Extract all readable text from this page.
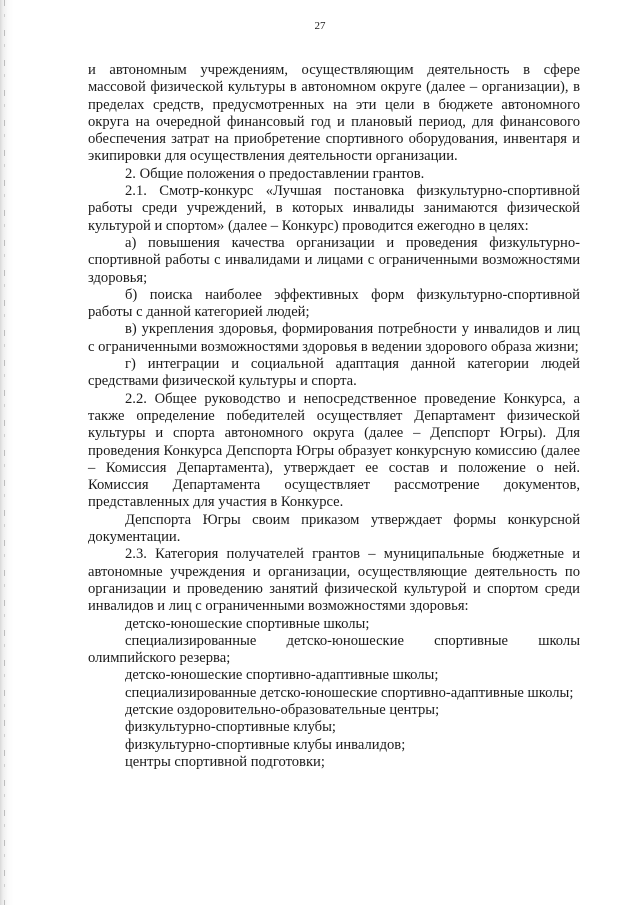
27

и автономным учреждениям, осуществляющим деятельность в сфере массовой физической культуры в автономном округе (далее – организации), в пределах средств, предусмотренных на эти цели в бюджете автономного округа на очередной финансовый год и плановый период, для финансового обеспечения затрат на приобретение спортивного оборудования, инвентаря и экипировки для осуществления деятельности организации.

2. Общие положения о предоставлении грантов.

2.1. Смотр-конкурс «Лучшая постановка физкультурно-спортивной работы среди учреждений, в которых инвалиды занимаются физической культурой и спортом» (далее – Конкурс) проводится ежегодно в целях:

а) повышения качества организации и проведения физкультурно-спортивной работы с инвалидами и лицами с ограниченными возможностями здоровья;

б) поиска наиболее эффективных форм физкультурно-спортивной работы с данной категорией людей;

в) укрепления здоровья, формирования потребности у инвалидов и лиц с ограниченными возможностями здоровья в ведении здорового образа жизни;

г) интеграции и социальной адаптация данной категории людей средствами физической культуры и спорта.

2.2. Общее руководство и непосредственное проведение Конкурса, а также определение победителей осуществляет Департамент физической культуры и спорта автономного округа (далее – Депспорт Югры). Для проведения Конкурса Депспорта Югры образует конкурсную комиссию (далее – Комиссия Департамента), утверждает ее состав и положение о ней. Комиссия Департамента осуществляет рассмотрение документов, представленных для участия в Конкурсе.

Депспорта Югры своим приказом утверждает формы конкурсной документации.

2.3. Категория получателей грантов – муниципальные бюджетные и автономные учреждения и организации, осуществляющие деятельность по организации и проведению занятий физической культурой и спортом среди инвалидов и лиц с ограниченными возможностями здоровья:

детско-юношеские спортивные школы;

специализированные детско-юношеские спортивные школы олимпийского резерва;

детско-юношеские спортивно-адаптивные школы;

специализированные детско-юношеские спортивно-адаптивные школы;

детские оздоровительно-образовательные центры;

физкультурно-спортивные клубы;

физкультурно-спортивные клубы инвалидов;

центры спортивной подготовки;
